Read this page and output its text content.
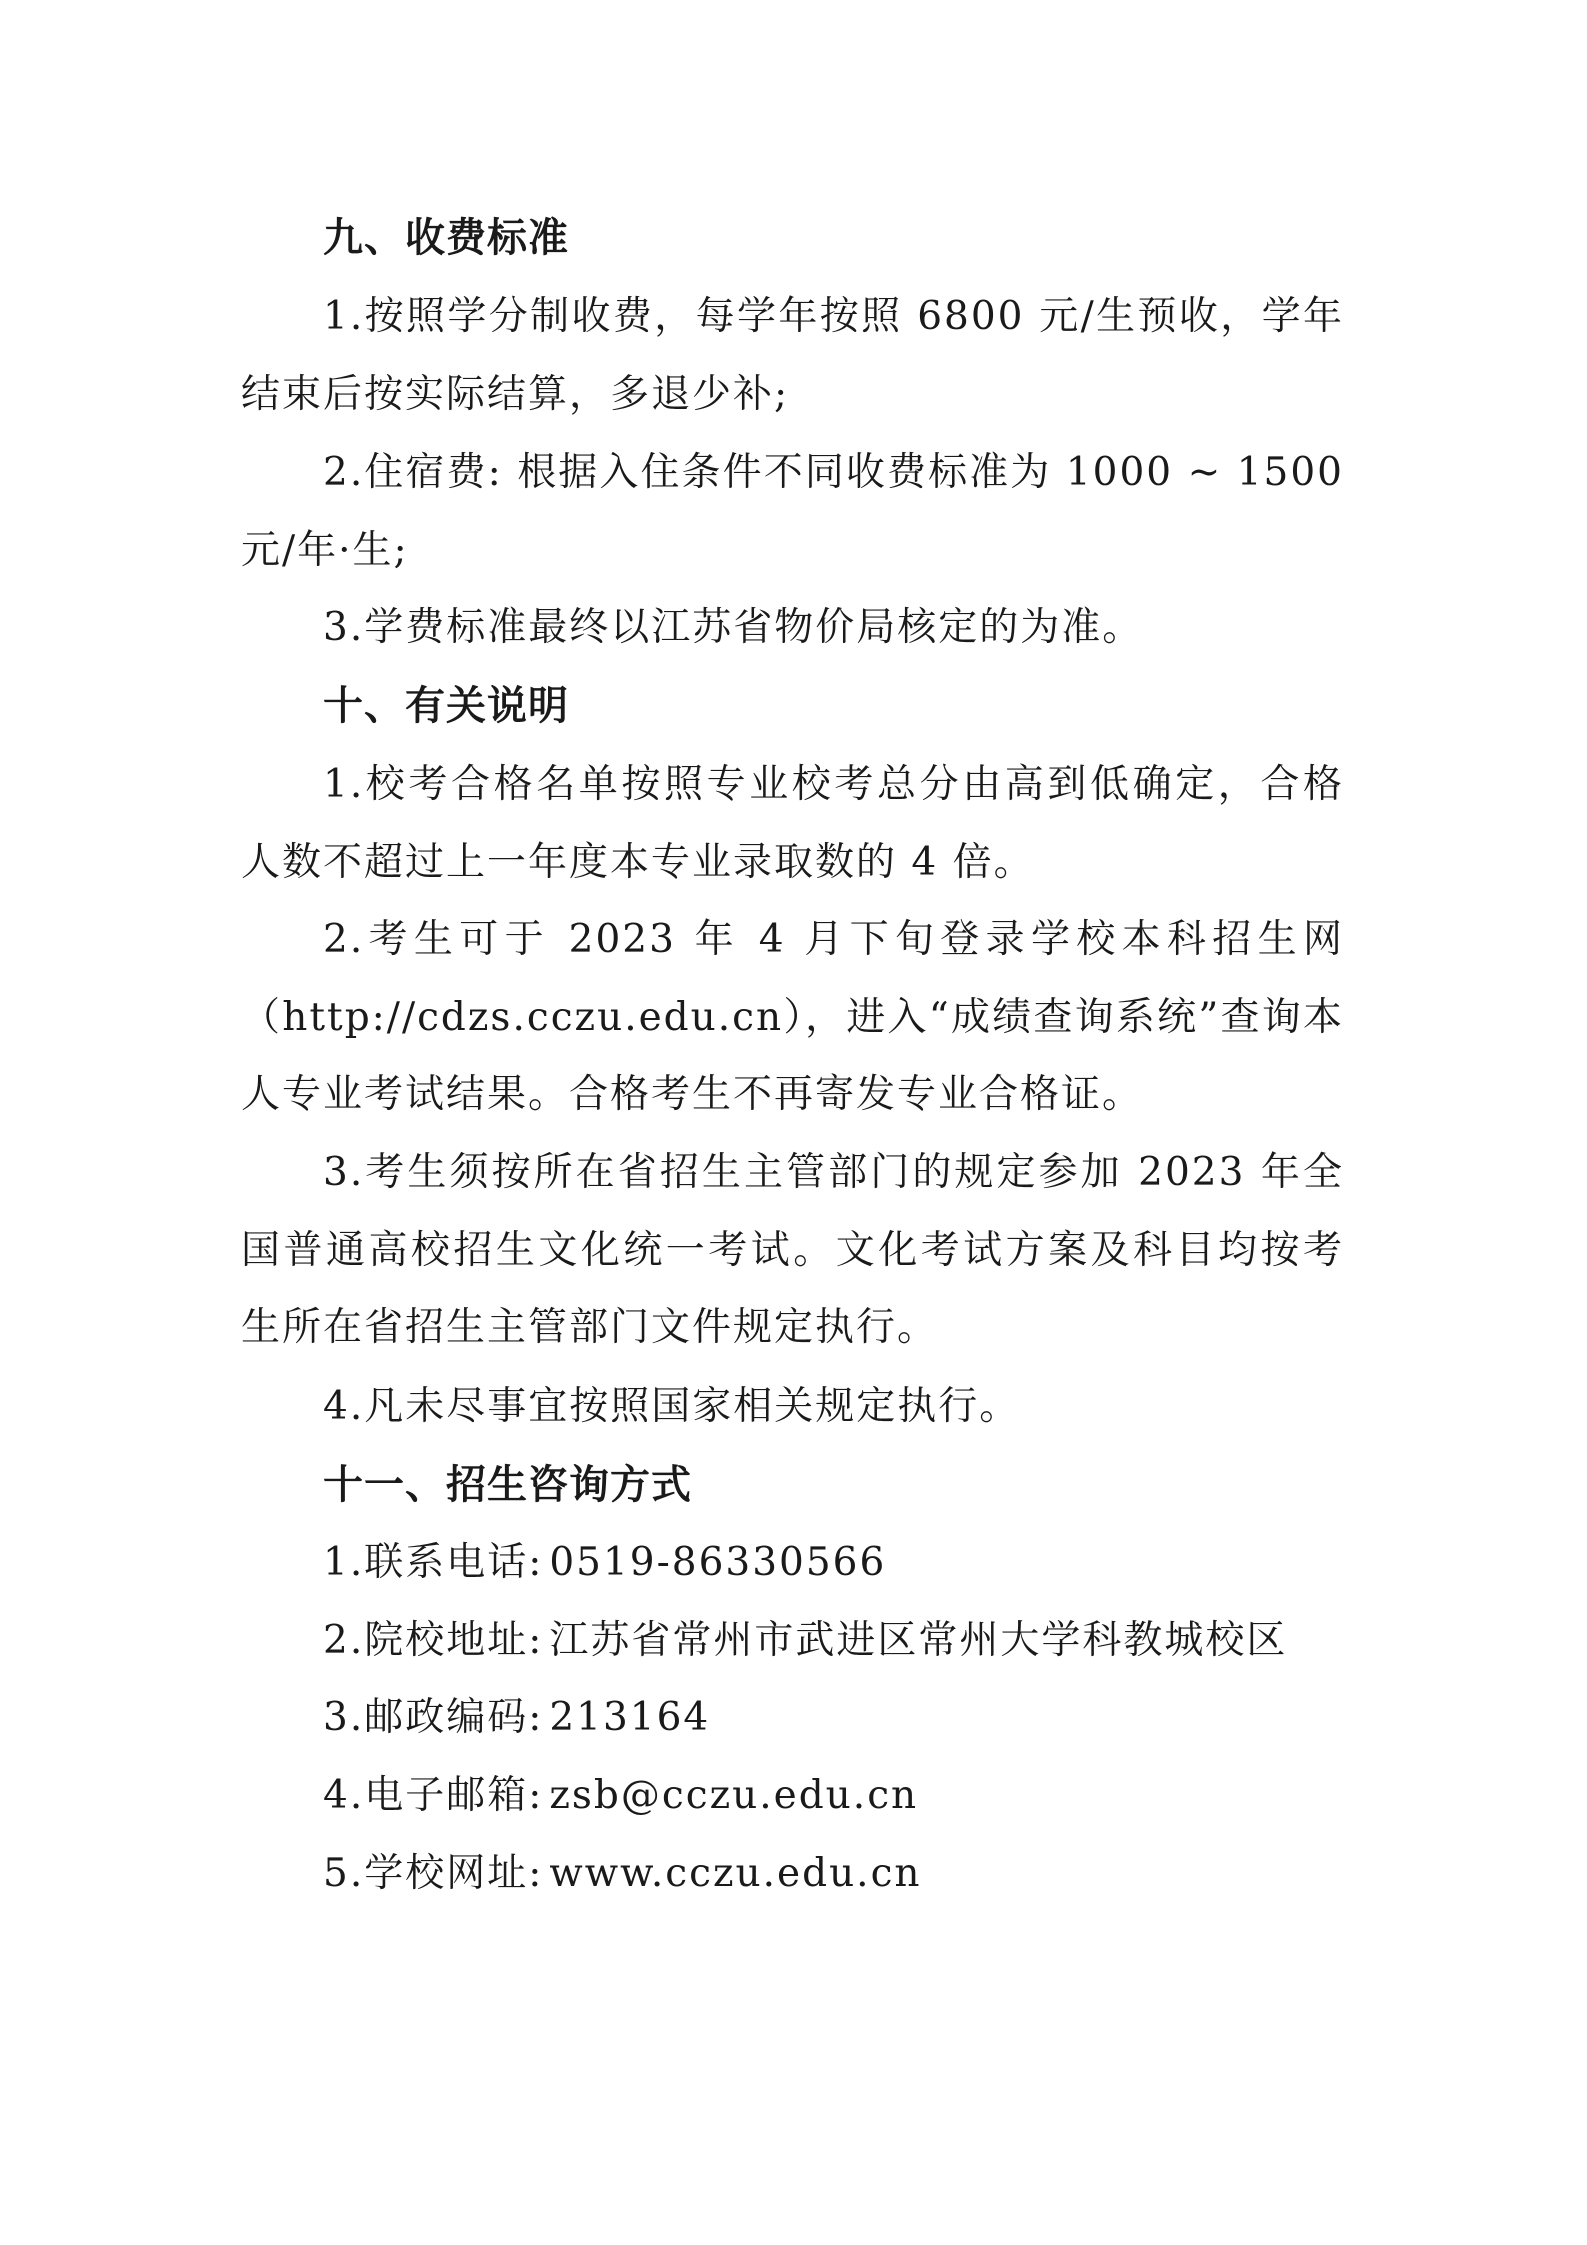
九、收费标准
1.按照学分制收费，每学年按照 6800 元/生预收，学年结束后按实际结算，多退少补;
2.住宿费: 根据入住条件不同收费标准为 1000 ~ 1500 元/年·生;
3.学费标准最终以江苏省物价局核定的为准。
十、有关说明
1.校考合格名单按照专业校考总分由高到低确定，合格人数不超过上一年度本专业录取数的 4 倍。
2.考生可于 2023 年 4 月下旬登录学校本科招生网（http://cdzs.cczu.edu.cn），进入“成绩查询系统”查询本人专业考试结果。合格考生不再寄发专业合格证。
3.考生须按所在省招生主管部门的规定参加 2023 年全国普通高校招生文化统一考试。文化考试方案及科目均按考生所在省招生主管部门文件规定执行。
4.凡未尽事宜按照国家相关规定执行。
十一、招生咨询方式
1.联系电话: 0519-86330566
2.院校地址: 江苏省常州市武进区常州大学科教城校区
3.邮政编码: 213164
4.电子邮箱: zsb@cczu.edu.cn
5.学校网址: www.cczu.edu.cn
